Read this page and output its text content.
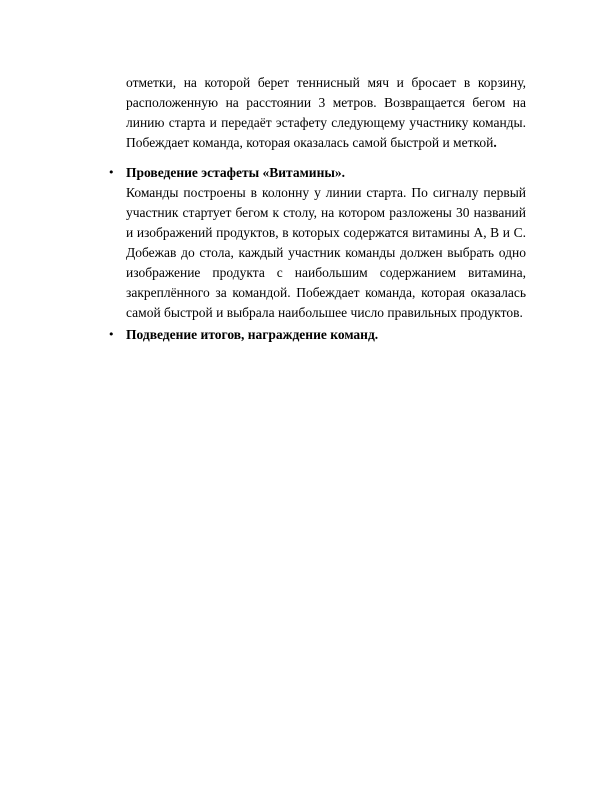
отметки, на которой берет теннисный мяч и бросает в корзину, расположенную на расстоянии 3 метров. Возвращается бегом на линию старта и передаёт эстафету следующему участнику команды. Побеждает команда, которая оказалась самой быстрой и меткой.

• Проведение эстафеты «Витамины».

Команды построены в колонну у линии старта. По сигналу первый участник стартует бегом к столу, на котором разложены 30 названий и изображений продуктов, в которых содержатся витамины А, В и С. Добежав до стола, каждый участник команды должен выбрать одно изображение продукта с наибольшим содержанием витамина, закреплённого за командой. Побеждает команда, которая оказалась самой быстрой и выбрала наибольшее число правильных продуктов.

• Подведение итогов, награждение команд.
